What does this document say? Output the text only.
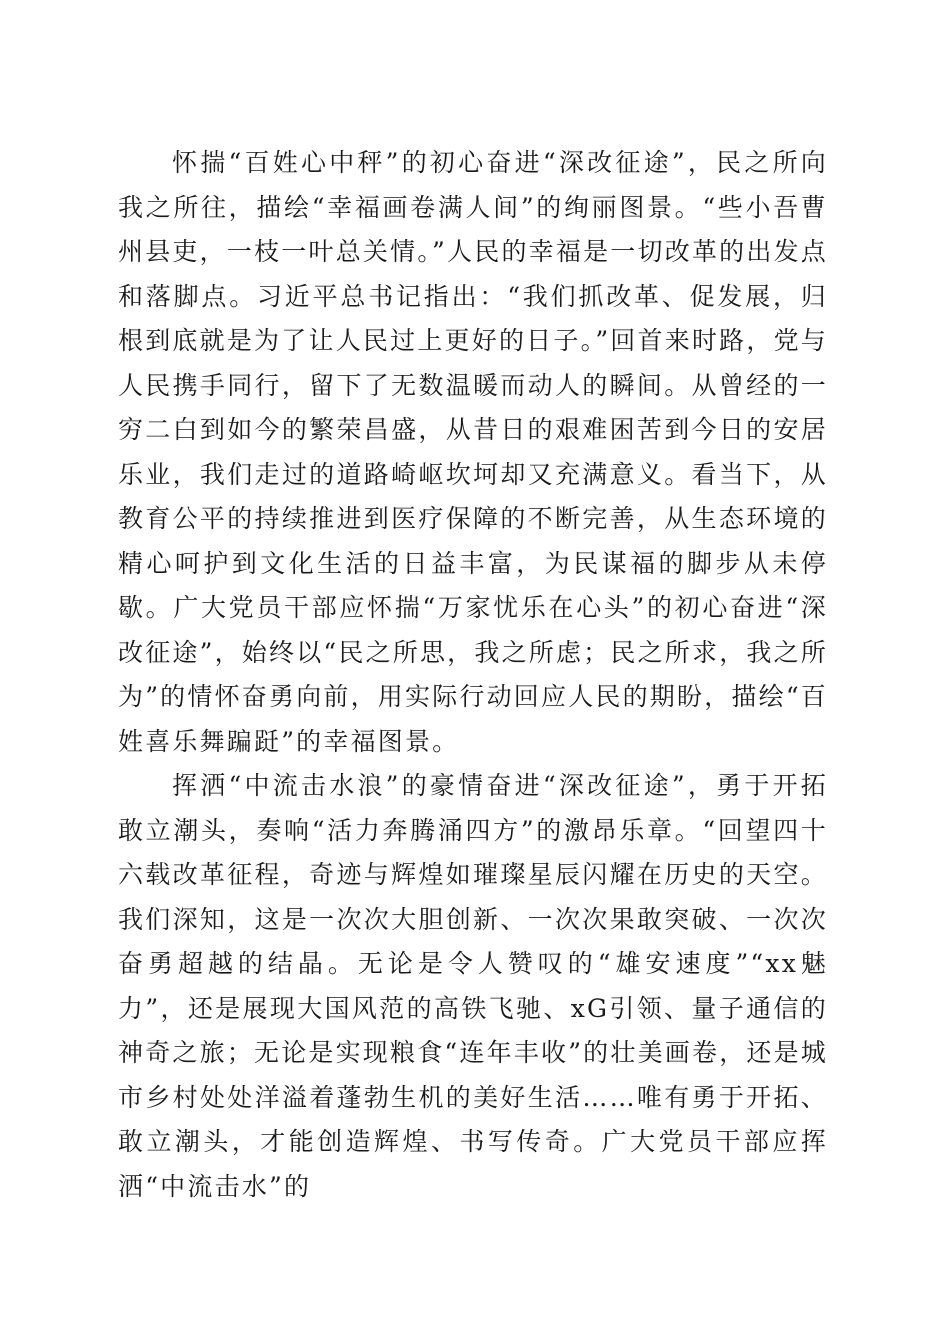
怀揣“百姓心中秤”的初心奋进“深改征途”，民之所向我之所往，描绘“幸福画卷满人间”的绚丽图景。“些小吾曹州县吏，一枝一叶总关情。”人民的幸福是一切改革的出发点和落脚点。习近平总书记指出：“我们抓改革、促发展，归根到底就是为了让人民过上更好的日子。”回首来时路，党与人民携手同行，留下了无数温暖而动人的瞬间。从曾经的一穷二白到如今的繁荣昌盛，从昔日的艰难困苦到今日的安居乐业，我们走过的道路崎岖坎坷却又充满意义。看当下，从教育公平的持续推进到医疗保障的不断完善，从生态环境的精心呵护到文化生活的日益丰富，为民谋福的脚步从未停歇。广大党员干部应怀揣“万家忧乐在心头”的初心奋进“深改征途”，始终以“民之所思，我之所虑；民之所求，我之所为”的情怀奋勇向前，用实际行动回应人民的期盼，描绘“百姓喜乐舞蹁跹”的幸福图景。

挥洒“中流击水浪”的豪情奋进“深改征途”，勇于开拓敢立潮头，奏响“活力奔腾涌四方”的激昂乐章。“回望四十六载改革征程，奇迹与辉煌如璀璨星辰闪耀在历史的天空。我们深知，这是一次次大胆创新、一次次果敢突破、一次次奋勇超越的结晶。无论是令人赞叹的“雄安速度”“xx魅力”，还是展现大国风范的高铁飞驰、xG引领、量子通信的神奇之旅；无论是实现粮食“连年丰收”的壮美画卷，还是城市乡村处处洋溢着蓬勃生机的美好生活……唯有勇于开拓、敢立潮头，才能创造辉煌、书写传奇。广大党员干部应挥洒“中流击水”的
